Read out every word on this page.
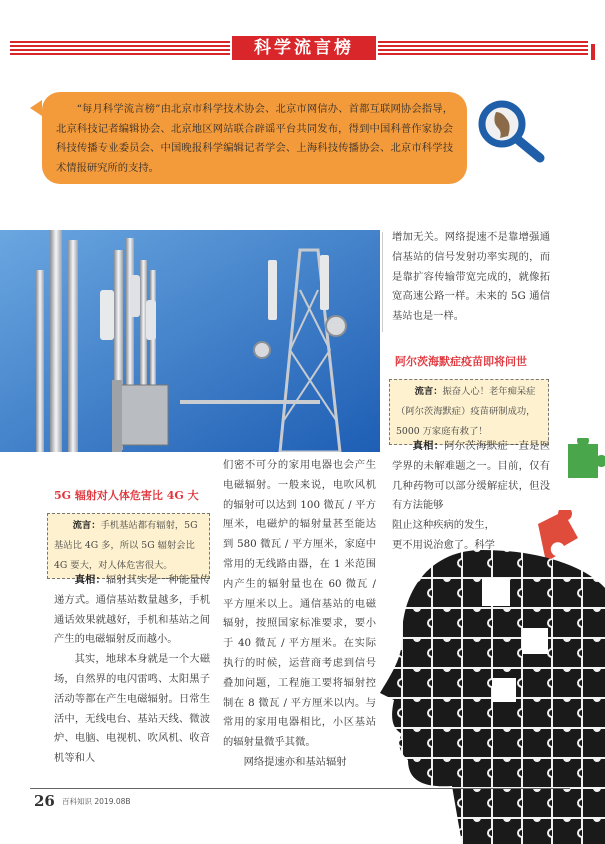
科学流言榜

“每月科学流言榜”由北京市科学技术协会、北京市网信办、首都互联网协会指导，北京科技记者编辑协会、北京地区网站联合辟谣平台共同发布，得到中国科普作家协会科技传播专业委员会、中国晚报科学编辑记者学会、上海科技传播协会、北京市科学技术情报研究所的支持。

5G 辐射对人体危害比 4G 大
流言：手机基站都有辐射，5G 基站比 4G 多，所以 5G 辐射会比 4G 要大，对人体危害很大。

真相：辐射其实是一种能量传递方式。通信基站数量越多，手机通话效果就越好，手机和基站之间产生的电磁辐射反而越小。

其实，地球本身就是一个大磁场，自然界的电闪雷鸣、太阳黑子活动等都在产生电磁辐射。日常生活中，无线电台、基站天线、微波炉、电脑、电视机、吹风机、收音机等和人

们密不可分的家用电器也会产生电磁辐射。一般来说，电吹风机的辐射可以达到 100 微瓦 / 平方厘米，电磁炉的辐射量甚至能达到 580 微瓦 / 平方厘米，家庭中常用的无线路由器，在 1 米范围内产生的辐射量也在 60 微瓦 / 平方厘米以上。通信基站的电磁辐射，按照国家标准要求，要小于 40 微瓦 / 平方厘米。在实际执行的时候，运营商考虑到信号叠加问题，工程施工要将辐射控制在 8 微瓦 / 平方厘米以内。与常用的家用电器相比，小区基站的辐射量微乎其微。

网络提速亦和基站辐射

增加无关。网络提速不是靠增强通信基站的信号发射功率实现的，而是靠扩容传输带宽完成的，就像拓宽高速公路一样。未来的 5G 通信基站也是一样。

阿尔茨海默症疫苗即将问世
流言：振奋人心！老年痴呆症（阿尔茨海默症）疫苗研制成功，5000 万家庭有救了！

真相：阿尔茨海默症一直是医学界的未解难题之一。目前，仅有几种药物可以部分缓解症状，但没有方法能够

阻止这种疾病的发生，

更不用说治愈了。科学

26 百科知识 2019.08B
